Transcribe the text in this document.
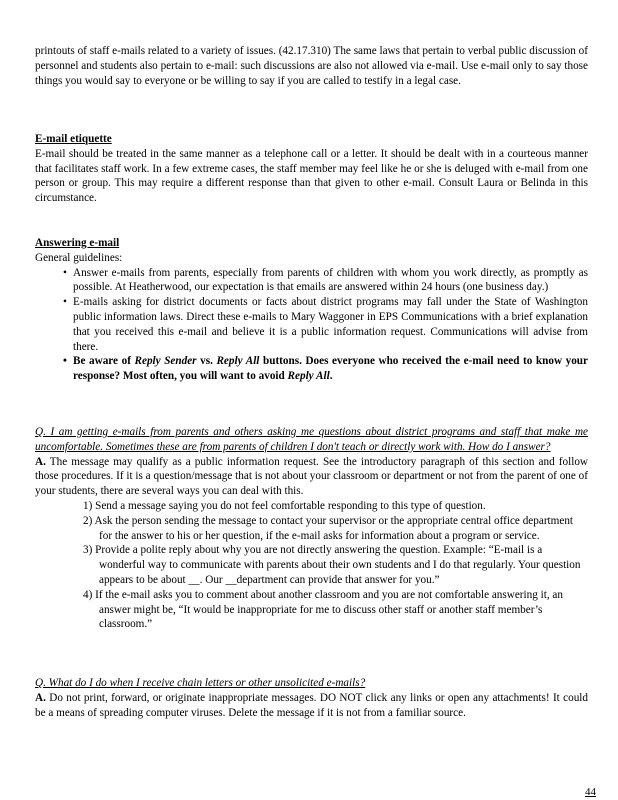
printouts of staff e-mails related to a variety of issues. (42.17.310) The same laws that pertain to verbal public discussion of personnel and students also pertain to e-mail: such discussions are also not allowed via e-mail. Use e-mail only to say those things you would say to everyone or be willing to say if you are called to testify in a legal case.

E-mail etiquette

E-mail should be treated in the same manner as a telephone call or a letter. It should be dealt with in a courteous manner that facilitates staff work. In a few extreme cases, the staff member may feel like he or she is deluged with e-mail from one person or group. This may require a different response than that given to other e-mail. Consult Laura or Belinda in this circumstance.

Answering e-mail

General guidelines:

• Answer e-mails from parents, especially from parents of children with whom you work directly, as promptly as possible. At Heatherwood, our expectation is that emails are answered within 24 hours (one business day.)
• E-mails asking for district documents or facts about district programs may fall under the State of Washington public information laws. Direct these e-mails to Mary Waggoner in EPS Communications with a brief explanation that you received this e-mail and believe it is a public information request. Communications will advise from there.
• Be aware of Reply Sender vs. Reply All buttons. Does everyone who received the e-mail need to know your response? Most often, you will want to avoid Reply All.

Q. I am getting e-mails from parents and others asking me questions about district programs and staff that make me uncomfortable. Sometimes these are from parents of children I don't teach or directly work with. How do I answer?

A. The message may qualify as a public information request. See the introductory paragraph of this section and follow those procedures. If it is a question/message that is not about your classroom or department or not from the parent of one of your students, there are several ways you can deal with this.

1) Send a message saying you do not feel comfortable responding to this type of question.
2) Ask the person sending the message to contact your supervisor or the appropriate central office department for the answer to his or her question, if the e-mail asks for information about a program or service.
3) Provide a polite reply about why you are not directly answering the question. Example: “E-mail is a wonderful way to communicate with parents about their own students and I do that regularly. Your question appears to be about __. Our __department can provide that answer for you.”
4) If the e-mail asks you to comment about another classroom and you are not comfortable answering it, an answer might be, “It would be inappropriate for me to discuss other staff or another staff member’s classroom.”

Q. What do I do when I receive chain letters or other unsolicited e-mails?

A. Do not print, forward, or originate inappropriate messages. DO NOT click any links or open any attachments! It could be a means of spreading computer viruses. Delete the message if it is not from a familiar source.

44
